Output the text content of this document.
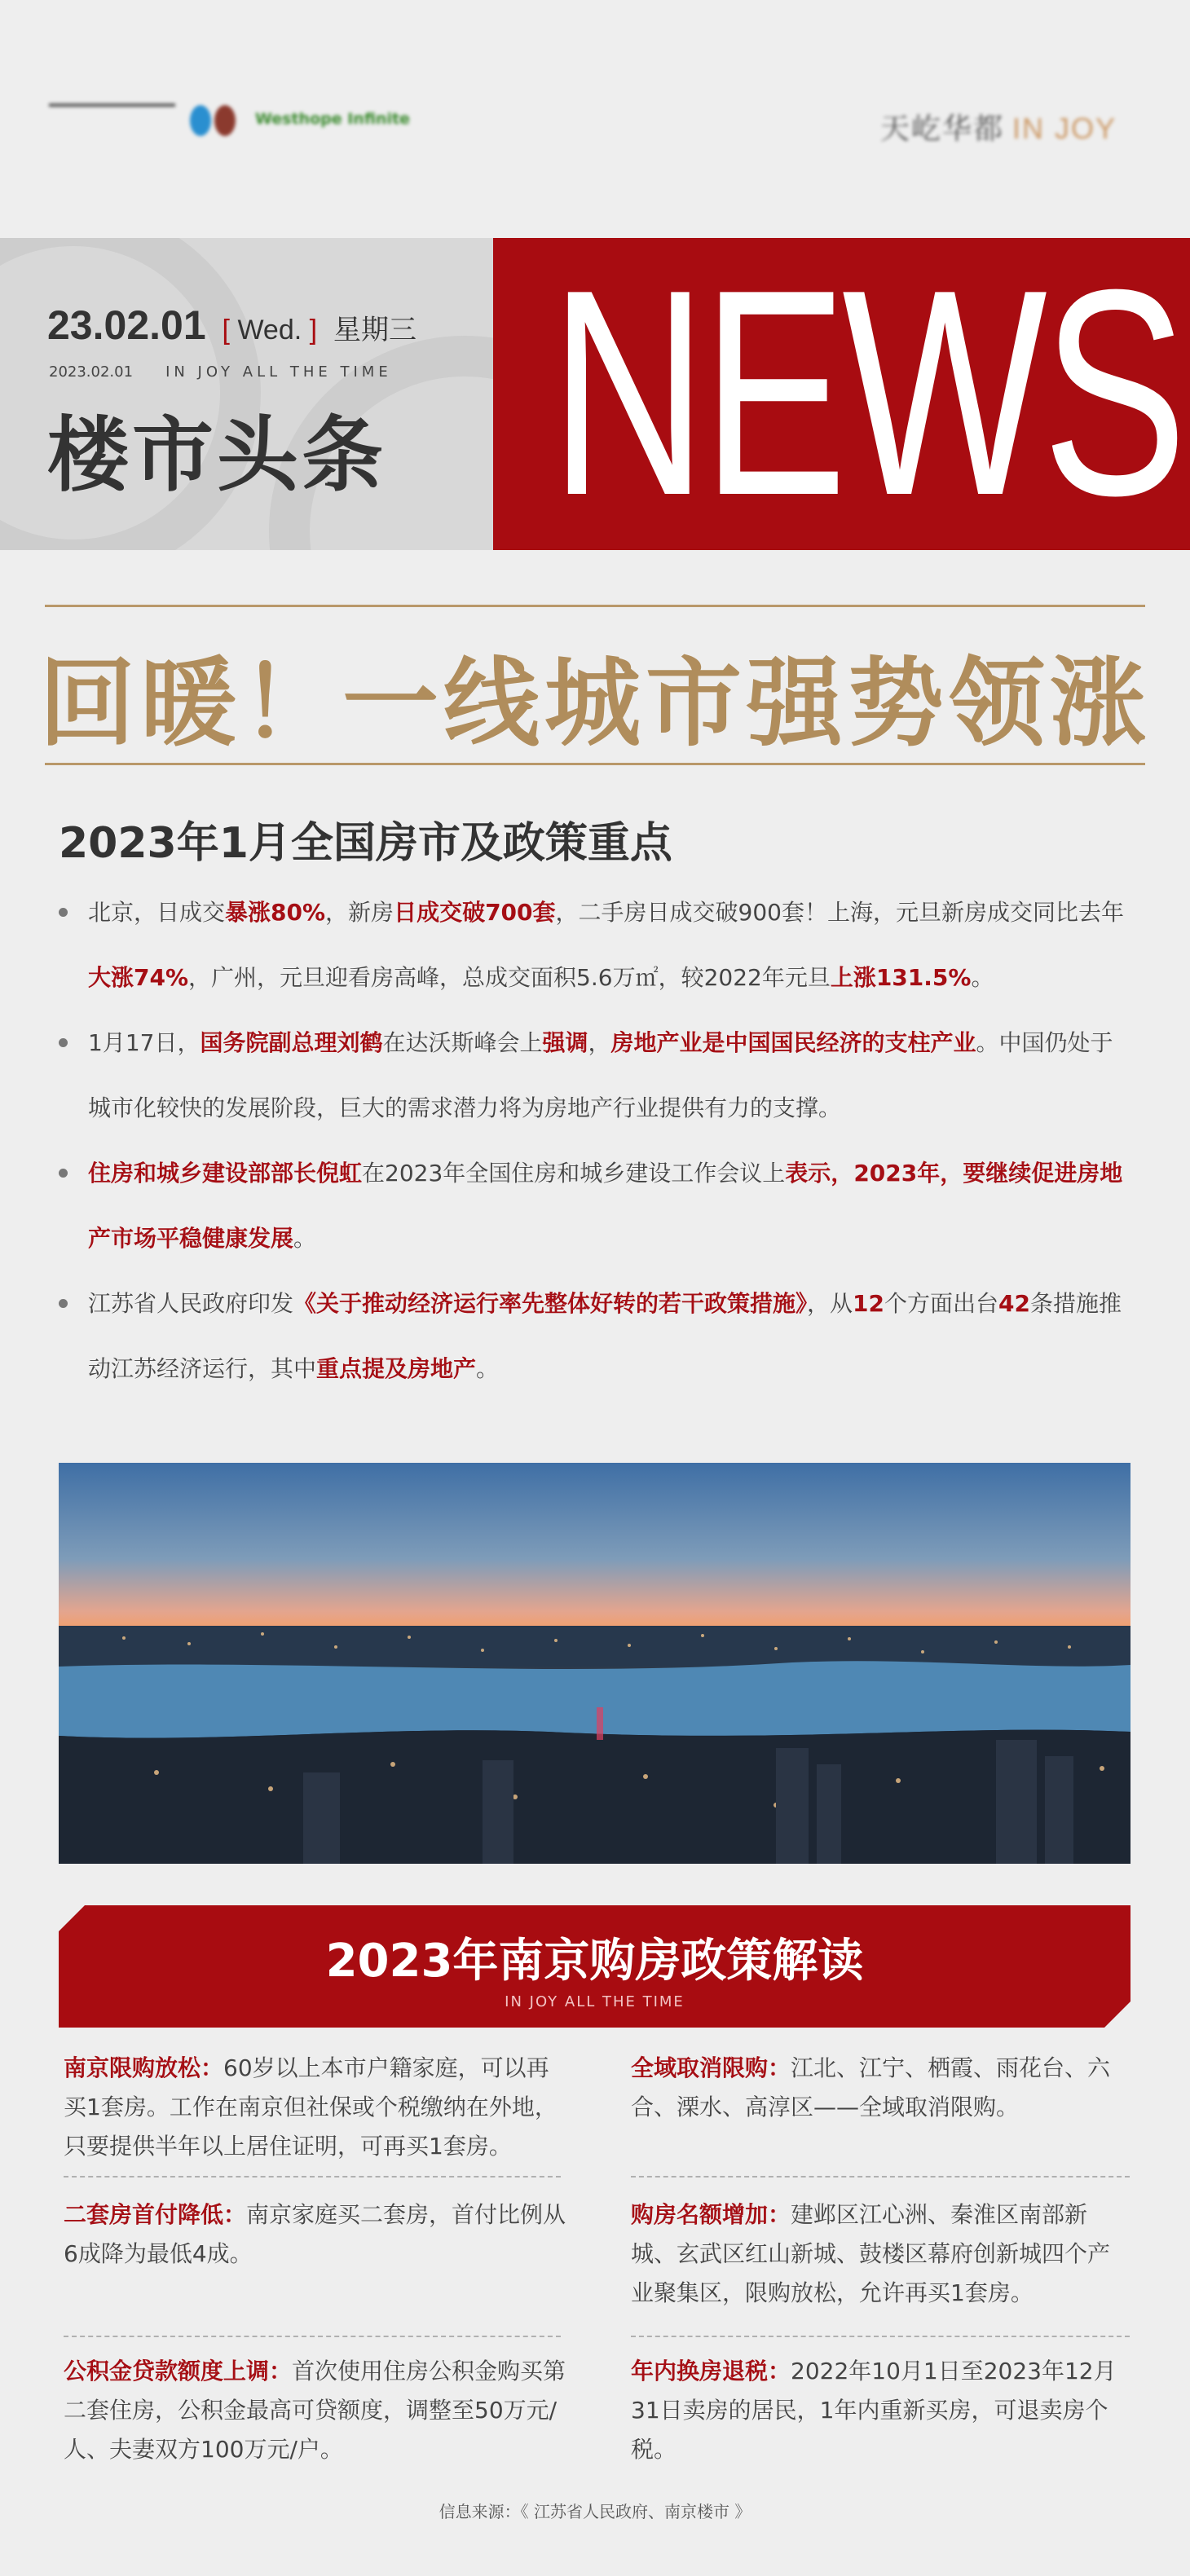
Westhope Infinite	天屹华都 IN JOY
NEWS
23.02.01 [ Wed. ] 星期三
2023.02.01 IN JOY ALL THE TIME
楼市头条
回暖！一线城市强势领涨
2023年1月全国房市及政策重点
北京，日成交暴涨80%，新房日成交破700套，二手房日成交破900套！上海，元旦新房成交同比去年大涨74%，广州，元旦迎看房高峰，总成交面积5.6万㎡，较2022年元旦上涨131.5%。
1月17日，国务院副总理刘鹤在达沃斯峰会上强调，房地产业是中国国民经济的支柱产业。中国仍处于城市化较快的发展阶段，巨大的需求潜力将为房地产行业提供有力的支撑。
住房和城乡建设部部长倪虹在2023年全国住房和城乡建设工作会议上表示，2023年，要继续促进房地产市场平稳健康发展。
江苏省人民政府印发《关于推动经济运行率先整体好转的若干政策措施》，从12个方面出台42条措施推动江苏经济运行，其中重点提及房地产。
2023年南京购房政策解读
IN JOY ALL THE TIME
南京限购放松：60岁以上本市户籍家庭，可以再买1套房。工作在南京但社保或个税缴纳在外地，只要提供半年以上居住证明，可再买1套房。
全域取消限购：江北、江宁、栖霞、雨花台、六合、溧水、高淳区——全域取消限购。
二套房首付降低：南京家庭买二套房，首付比例从6成降为最低4成。
购房名额增加：建邺区江心洲、秦淮区南部新城、玄武区红山新城、鼓楼区幕府创新城四个产业聚集区，限购放松，允许再买1套房。
公积金贷款额度上调：首次使用住房公积金购买第二套住房，公积金最高可贷额度，调整至50万元/人、夫妻双方100万元/户。
年内换房退税：2022年10月1日至2023年12月31日卖房的居民，1年内重新买房，可退卖房个税。
信息来源：《 江苏省人民政府、南京楼市 》
